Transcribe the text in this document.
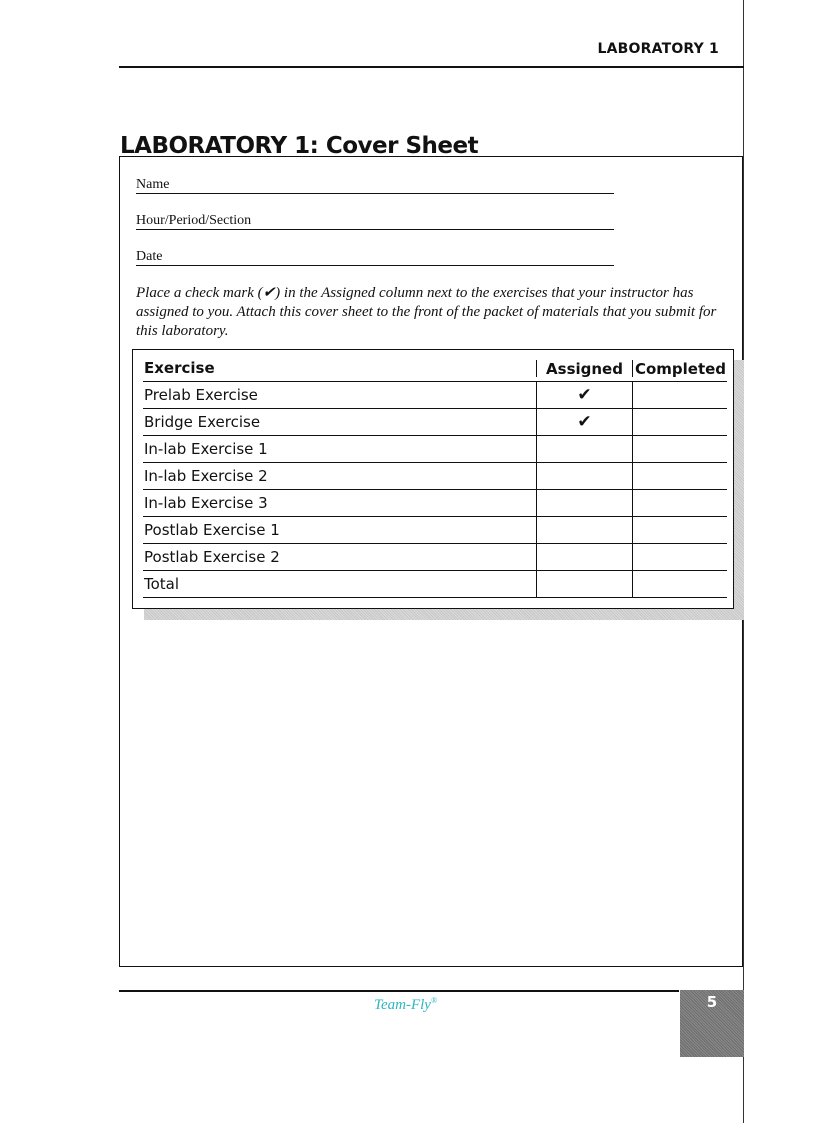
LABORATORY 1
LABORATORY 1: Cover Sheet
Name
Hour/Period/Section
Date

Place a check mark (✔) in the Assigned column next to the exercises that your instructor has assigned to you. Attach this cover sheet to the front of the packet of materials that you submit for this laboratory.

Exercise	Assigned Completed
Prelab Exercise	✔
Bridge Exercise	✔
In-lab Exercise 1
In-lab Exercise 2
In-lab Exercise 3
Postlab Exercise 1
Postlab Exercise 2
Total
Team-Fly®	5
